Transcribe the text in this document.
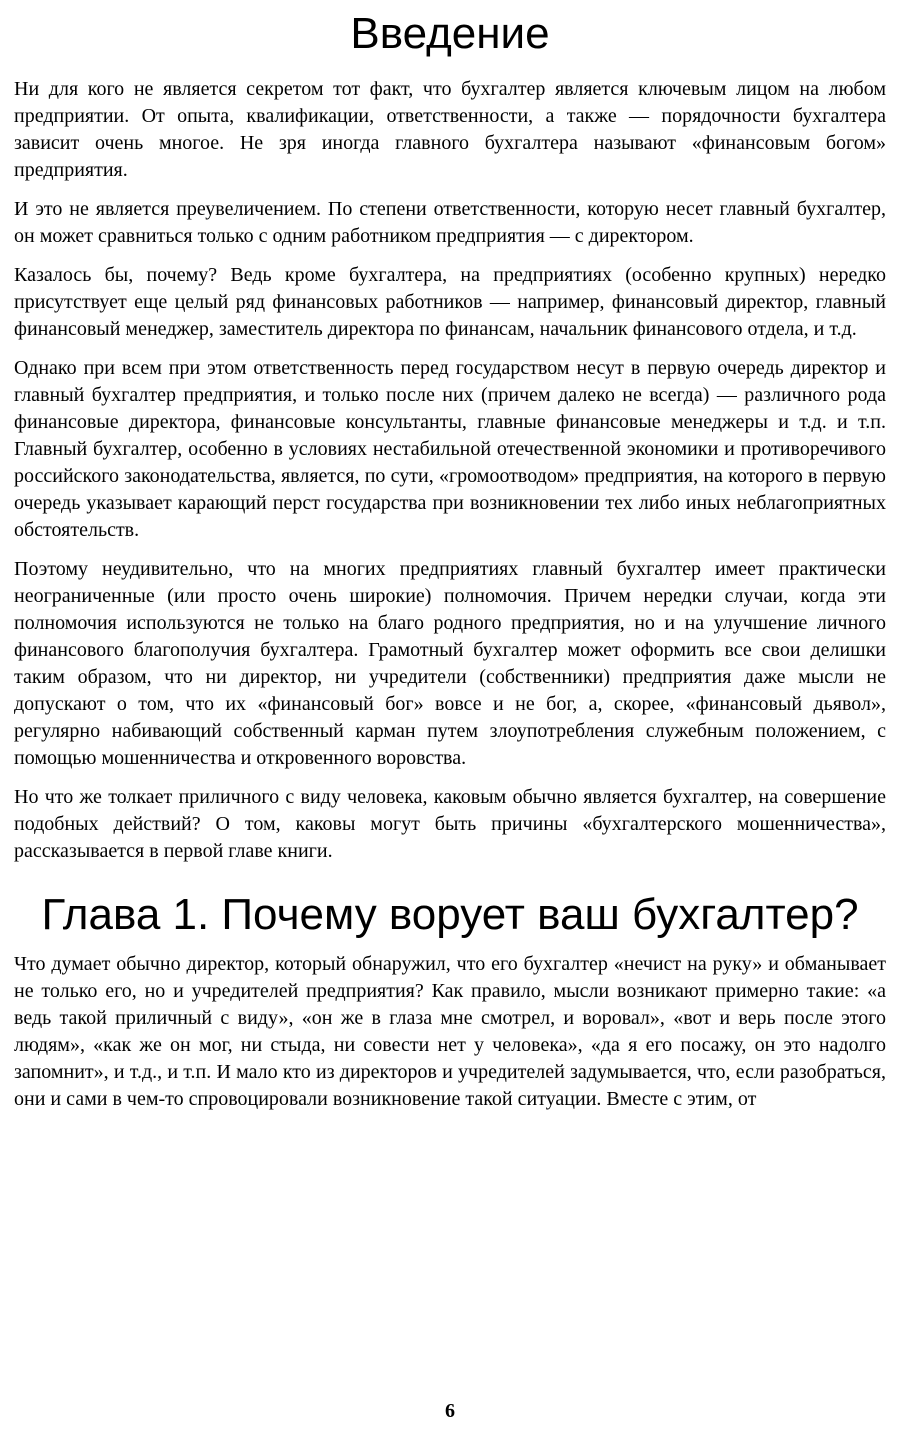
Введение

Ни для кого не является секретом тот факт, что бухгалтер является ключевым лицом на любом предприятии. От опыта, квалификации, ответственности, а также — порядочности бухгалтера зависит очень многое. Не зря иногда главного бухгалтера называют «финансовым богом» предприятия.

И это не является преувеличением. По степени ответственности, которую несет главный бухгалтер, он может сравниться только с одним работником предприятия — с директором.

Казалось бы, почему? Ведь кроме бухгалтера, на предприятиях (особенно крупных) нередко присутствует еще целый ряд финансовых работников — например, финансовый директор, главный финансовый менеджер, заместитель директора по финансам, начальник финансового отдела, и т.д.

Однако при всем при этом ответственность перед государством несут в первую очередь директор и главный бухгалтер предприятия, и только после них (причем далеко не всегда) — различного рода финансовые директора, финансовые консультанты, главные финансовые менеджеры и т.д. и т.п. Главный бухгалтер, особенно в условиях нестабильной отечественной экономики и противоречивого российского законодательства, является, по сути, «громоотводом» предприятия, на которого в первую очередь указывает карающий перст государства при возникновении тех либо иных неблагоприятных обстоятельств.

Поэтому неудивительно, что на многих предприятиях главный бухгалтер имеет практически неограниченные (или просто очень широкие) полномочия. Причем нередки случаи, когда эти полномочия используются не только на благо родного предприятия, но и на улучшение личного финансового благополучия бухгалтера. Грамотный бухгалтер может оформить все свои делишки таким образом, что ни директор, ни учредители (собственники) предприятия даже мысли не допускают о том, что их «финансовый бог» вовсе и не бог, а, скорее, «финансовый дьявол», регулярно набивающий собственный карман путем злоупотребления служебным положением, с помощью мошенничества и откровенного воровства.

Но что же толкает приличного с виду человека, каковым обычно является бухгалтер, на совершение подобных действий? О том, каковы могут быть причины «бухгалтерского мошенничества», рассказывается в первой главе книги.

Глава 1. Почему ворует ваш бухгалтер?

Что думает обычно директор, который обнаружил, что его бухгалтер «нечист на руку» и обманывает не только его, но и учредителей предприятия? Как правило, мысли возникают примерно такие: «а ведь такой приличный с виду», «он же в глаза мне смотрел, и воровал», «вот и верь после этого людям», «как же он мог, ни стыда, ни совести нет у человека», «да я его посажу, он это надолго запомнит», и т.д., и т.п. И мало кто из директоров и учредителей задумывается, что, если разобраться, они и сами в чем-то спровоцировали возникновение такой ситуации. Вместе с этим, от

6
